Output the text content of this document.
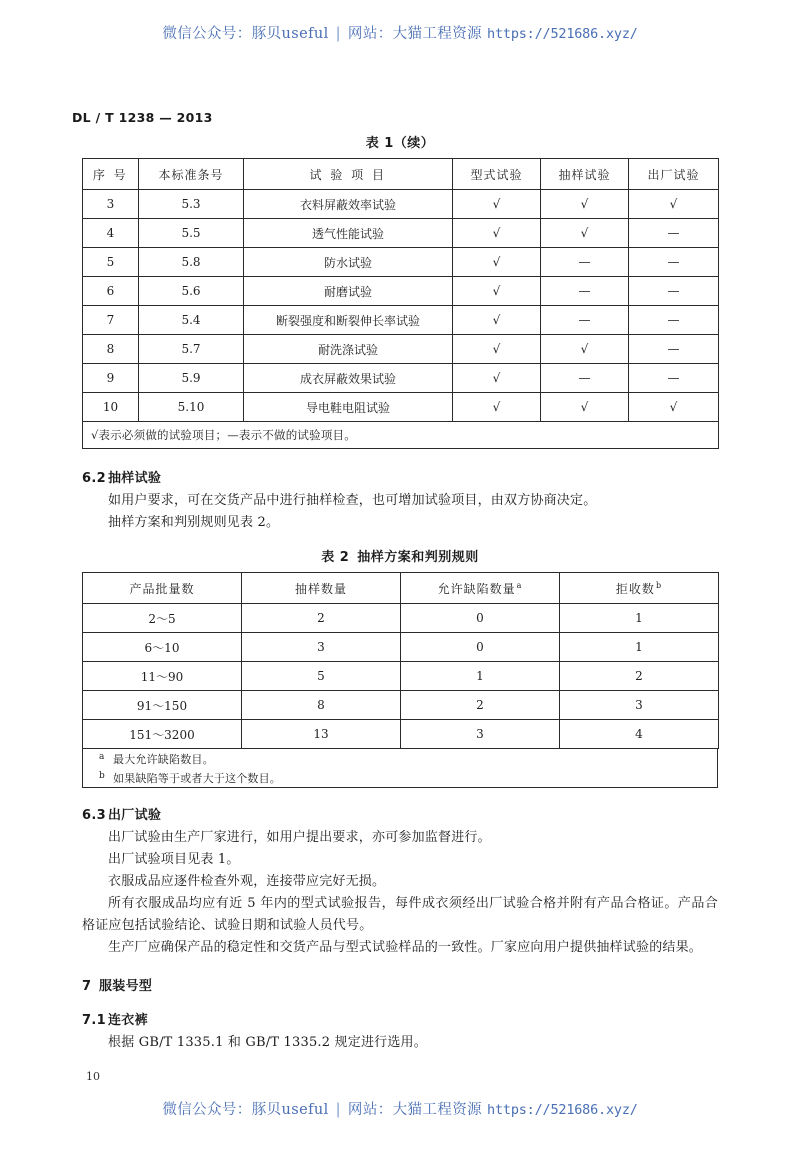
微信公众号：豚贝useful | 网站：大猫工程资源 https://521686.xyz/
DL / T 1238 — 2013
表 1（续）
序 号	本标准条号	试 验 项 目	型式试验	抽样试验	出厂试验
3	5.3	衣料屏蔽效率试验	√	√	√
4	5.5	透气性能试验	√	√	—
5	5.8	防水试验	√	—	—
6	5.6	耐磨试验	√	—	—
7	5.4	断裂强度和断裂伸长率试验	√	—	—
8	5.7	耐洗涤试验	√	√	—
9	5.9	成衣屏蔽效果试验	√	—	—
10	5.10	导电鞋电阻试验	√	√	√
√表示必须做的试验项目；—表示不做的试验项目。					
6.2 抽样试验

如用户要求，可在交货产品中进行抽样检查，也可增加试验项目，由双方协商决定。

抽样方案和判别规则见表 2。

表 2 抽样方案和判别规则
产品批量数	抽样数量	允许缺陷数量$^a$	拒收数$^b$
2～5	2	0	1
6～10	3	0	1
11～90	5	1	2
91～150	8	2	3
151～3200	13	3	4
a 最大允许缺陷数目。
b 如果缺陷等于或者大于这个数目。
6.3 出厂试验

出厂试验由生产厂家进行，如用户提出要求，亦可参加监督进行。

出厂试验项目见表 1。

衣服成品应逐件检查外观，连接带应完好无损。

所有衣服成品均应有近 5 年内的型式试验报告，每件成衣须经出厂试验合格并附有产品合格证。产品合格证应包括试验结论、试验日期和试验人员代号。

生产厂应确保产品的稳定性和交货产品与型式试验样品的一致性。厂家应向用户提供抽样试验的结果。

7 服装号型
7.1 连衣裤

根据 GB/T 1335.1 和 GB/T 1335.2 规定进行选用。

10
微信公众号：豚贝useful | 网站：大猫工程资源 https://521686.xyz/
